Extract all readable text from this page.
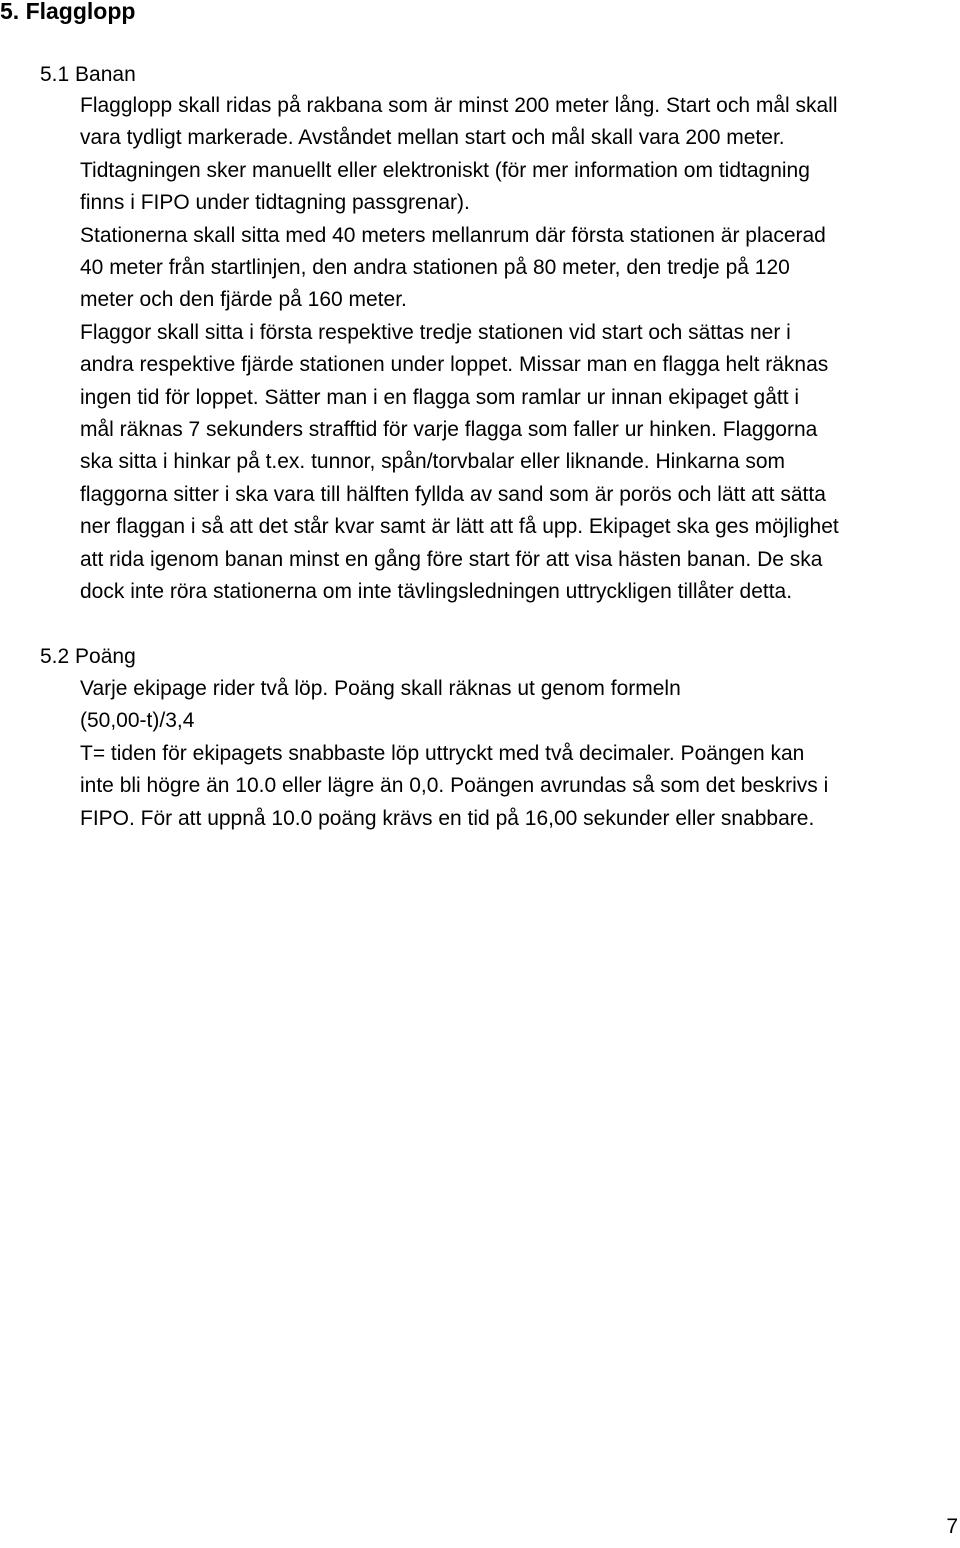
5. Flagglopp
5.1 Banan
Flagglopp skall ridas på rakbana som är minst 200 meter lång. Start och mål skall
vara tydligt markerade. Avståndet mellan start och mål skall vara 200 meter.
Tidtagningen sker manuellt eller elektroniskt (för mer information om tidtagning
finns i FIPO under tidtagning passgrenar).
Stationerna skall sitta med 40 meters mellanrum där första stationen är placerad
40 meter från startlinjen, den andra stationen på 80 meter, den tredje på 120
meter och den fjärde på 160 meter.
Flaggor skall sitta i första respektive tredje stationen vid start och sättas ner i
andra respektive fjärde stationen under loppet. Missar man en flagga helt räknas
ingen tid för loppet. Sätter man i en flagga som ramlar ur innan ekipaget gått i
mål räknas 7 sekunders strafftid för varje flagga som faller ur hinken. Flaggorna
ska sitta i hinkar på t.ex. tunnor, spån/torvbalar eller liknande. Hinkarna som
flaggorna sitter i ska vara till hälften fyllda av sand som är porös och lätt att sätta
ner flaggan i så att det står kvar samt är lätt att få upp. Ekipaget ska ges möjlighet
att rida igenom banan minst en gång före start för att visa hästen banan. De ska
dock inte röra stationerna om inte tävlingsledningen uttryckligen tillåter detta.
5.2 Poäng
Varje ekipage rider två löp. Poäng skall räknas ut genom formeln
(50,00-t)/3,4
T= tiden för ekipagets snabbaste löp uttryckt med två decimaler. Poängen kan
inte bli högre än 10.0 eller lägre än 0,0. Poängen avrundas så som det beskrivs i
FIPO. För att uppnå 10.0 poäng krävs en tid på 16,00 sekunder eller snabbare.
7
